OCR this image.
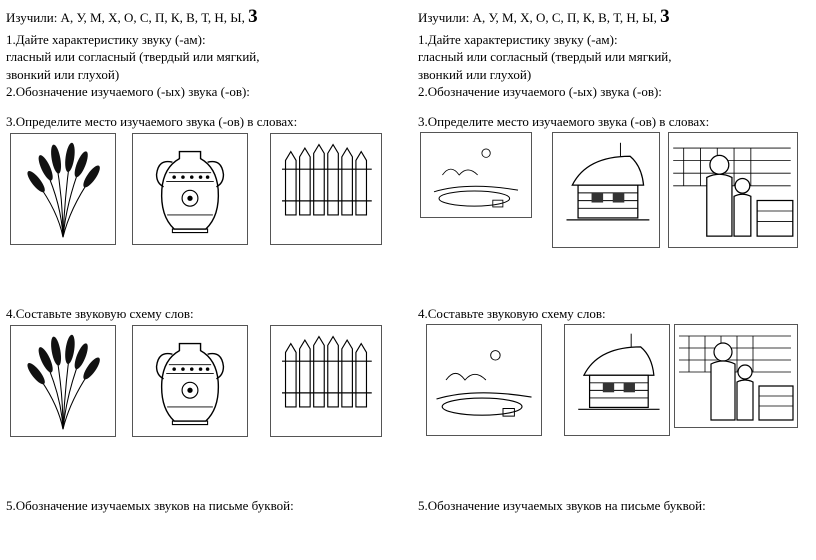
Изучили: А, У, М, Х, О, С, П, К, В, Т, Н, Ы, 3
1.Дайте характеристику звуку (-ам):
гласный или согласный (твердый или мягкий,
звонкий или глухой)
2.Обозначение изучаемого (-ых) звука (-ов):
3.Определите место изучаемого звука (-ов) в словах:
4.Составьте звуковую схему слов:
5.Обозначение изучаемых звуков на письме буквой:
Изучили: А, У, М, Х, О, С, П, К, В, Т, Н, Ы, 3
1.Дайте характеристику звуку (-ам):
гласный или согласный (твердый или мягкий,
звонкий или глухой)
2.Обозначение изучаемого (-ых) звука (-ов):
3.Определите место изучаемого звука (-ов) в словах:
4.Составьте звуковую схему слов:
5.Обозначение изучаемых звуков на письме буквой:
